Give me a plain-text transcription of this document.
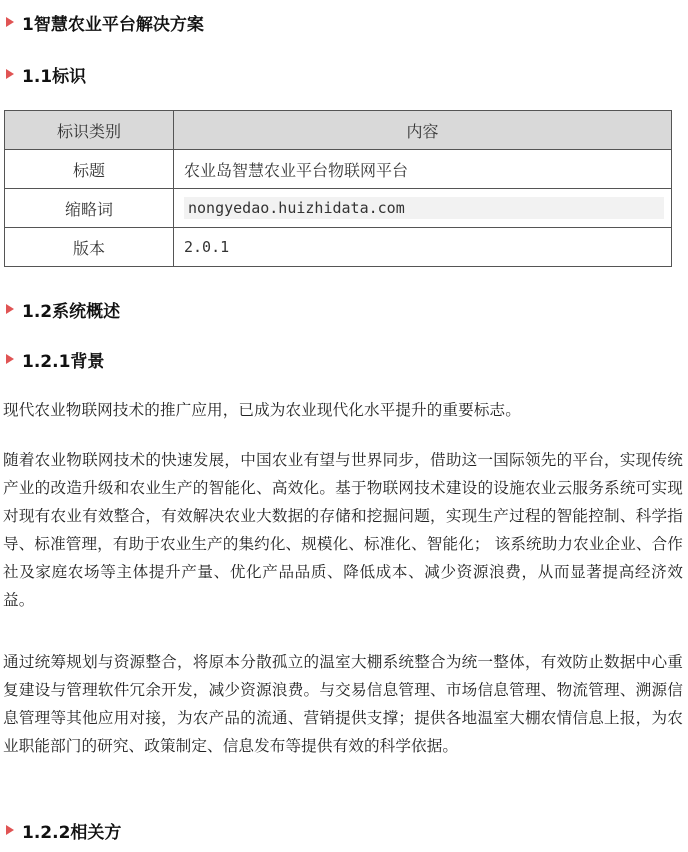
1智慧农业平台解决方案
1.1标识
标识类别	内容
标题	农业岛智慧农业平台物联网平台
缩略词	nongyedao.huizhidata.com
版本	2.0.1
1.2系统概述
1.2.1背景

现代农业物联网技术的推广应用，已成为农业现代化水平提升的重要标志。

随着农业物联网技术的快速发展，中国农业有望与世界同步，借助这一国际领先的平台，实现传统产业的改造升级和农业生产的智能化、高效化。基于物联网技术建设的设施农业云服务系统可实现对现有农业有效整合，有效解决农业大数据的存储和挖掘问题，实现生产过程的智能控制、科学指导、标准管理，有助于农业生产的集约化、规模化、标准化、智能化； 该系统助力农业企业、合作社及家庭农场等主体提升产量、优化产品品质、降低成本、减少资源浪费，从而显著提高经济效益。

通过统筹规划与资源整合，将原本分散孤立的温室大棚系统整合为统一整体，有效防止数据中心重复建设与管理软件冗余开发，减少资源浪费。与交易信息管理、市场信息管理、物流管理、溯源信息管理等其他应用对接，为农产品的流通、营销提供支撑；提供各地温室大棚农情信息上报，为农业职能部门的研究、政策制定、信息发布等提供有效的科学依据。

1.2.2相关方
